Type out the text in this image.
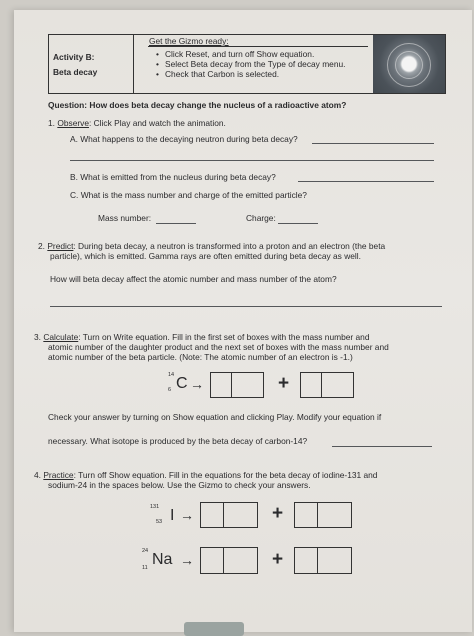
Activity B:
Beta decay
Get the Gizmo ready:
• Click Reset, and turn off Show equation.
• Select Beta decay from the Type of decay menu.
• Check that Carbon is selected.
Question: How does beta decay change the nucleus of a radioactive atom?
1. Observe: Click Play and watch the animation.
A. What happens to the decaying neutron during beta decay?
B. What is emitted from the nucleus during beta decay?
C. What is the mass number and charge of the emitted particle?
Mass number:	Charge:
2. Predict: During beta decay, a neutron is transformed into a proton and an electron (the beta
particle), which is emitted. Gamma rays are often emitted during beta decay as well.
How will beta decay affect the atomic number and mass number of the atom?
3. Calculate: Turn on Write equation. Fill in the first set of boxes with the mass number and
atomic number of the daughter product and the next set of boxes with the mass number and
atomic number of the beta particle. (Note: The atomic number of an electron is -1.)
14
6 C →	+
Check your answer by turning on Show equation and clicking Play. Modify your equation if
necessary. What isotope is produced by the beta decay of carbon-14?
4. Practice: Turn off Show equation. Fill in the equations for the beta decay of iodine-131 and
sodium-24 in the spaces below. Use the Gizmo to check your answers.
131
53 I →	+
24
11 Na →	+
